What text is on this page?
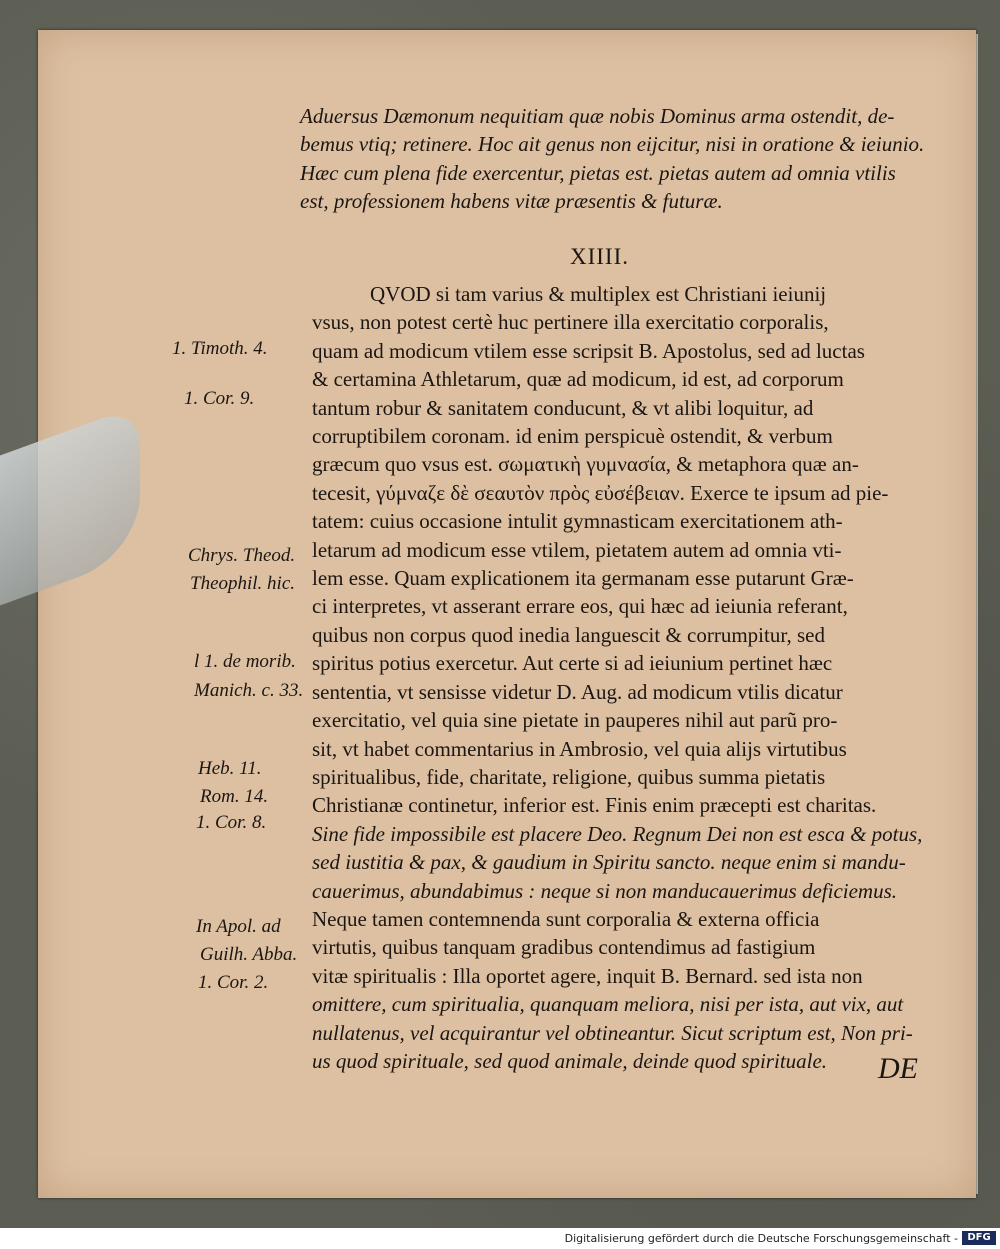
Aduersus Dæmonum nequitiam quæ nobis Dominus arma ostendit, de-

bemus vtiq; retinere. Hoc ait genus non eijcitur, nisi in oratione & ieiunio.

Hæc cum plena fide exercentur, pietas est. pietas autem ad omnia vtilis

est, professionem habens vitæ præsentis & futuræ.

XIIII.
QVOD si tam varius & multiplex est Christiani ieiunij
vsus, non potest certè huc pertinere illa exercitatio corporalis,
quam ad modicum vtilem esse scripsit B. Apostolus, sed ad luctas
& certamina Athletarum, quæ ad modicum, id est, ad corporum
tantum robur & sanitatem conducunt, & vt alibi loquitur, ad
corruptibilem coronam. id enim perspicuè ostendit, & verbum
græcum quo vsus est. σωματικὴ γυμνασία, & metaphora quæ an-
tecesit, γύμναζε δὲ σεαυτὸν πρὸς εὐσέβειαν. Exerce te ipsum ad pie-
tatem: cuius occasione intulit gymnasticam exercitationem ath-
letarum ad modicum esse vtilem, pietatem autem ad omnia vti-
lem esse. Quam explicationem ita germanam esse putarunt Græ-
ci interpretes, vt asserant errare eos, qui hæc ad ieiunia referant,
quibus non corpus quod inedia languescit & corrumpitur, sed
spiritus potius exercetur. Aut certe si ad ieiunium pertinet hæc
sententia, vt sensisse videtur D. Aug. ad modicum vtilis dicatur
exercitatio, vel quia sine pietate in pauperes nihil aut parũ pro-
sit, vt habet commentarius in Ambrosio, vel quia alijs virtutibus
spiritualibus, fide, charitate, religione, quibus summa pietatis
Christianæ continetur, inferior est. Finis enim præcepti est charitas.
Sine fide impossibile est placere Deo. Regnum Dei non est esca & potus,
sed iustitia & pax, & gaudium in Spiritu sancto. neque enim si mandu-
cauerimus, abundabimus : neque si non manducauerimus deficiemus.
Neque tamen contemnenda sunt corporalia & externa officia
virtutis, quibus tanquam gradibus contendimus ad fastigium
vitæ spiritualis : Illa oportet agere, inquit B. Bernard. sed ista non
omittere, cum spiritualia, quanquam meliora, nisi per ista, aut vix, aut
nullatenus, vel acquirantur vel obtineantur. Sicut scriptum est, Non pri-
us quod spirituale, sed quod animale, deinde quod spirituale.
1. Timoth. 4.
1. Cor. 9.
Chrys. Theod.
Theophil. hic.
l 1. de morib.
Manich. c. 33.
Heb. 11.
Rom. 14.
1. Cor. 8.
In Apol. ad
Guilh. Abba.
1. Cor. 2.
DE
Digitalisierung gefördert durch die Deutsche Forschungsgemeinschaft - DFG
